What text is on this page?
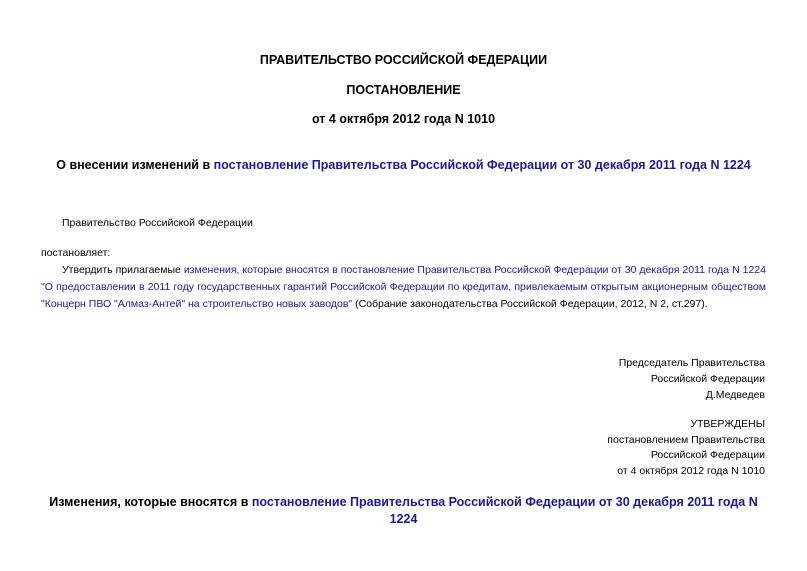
ПРАВИТЕЛЬСТВО РОССИЙСКОЙ ФЕДЕРАЦИИ
ПОСТАНОВЛЕНИЕ
от 4 октября 2012 года N 1010
О внесении изменений в постановление Правительства Российской Федерации от 30 декабря 2011 года N 1224
Правительство Российской Федерации
постановляет:
Утвердить прилагаемые изменения, которые вносятся в постановление Правительства Российской Федерации от 30 декабря 2011 года N 1224 "О предоставлении в 2011 году государственных гарантий Российской Федерации по кредитам, привлекаемым открытым акционерным обществом "Концерн ПВО "Алмаз-Антей" на строительство новых заводов" (Собрание законодательства Российской Федерации, 2012, N 2, ст.297).
Председатель Правительства
Российской Федерации
Д.Медведев
УТВЕРЖДЕНЫ
постановлением Правительства
Российской Федерации
от 4 октября 2012 года N 1010
Изменения, которые вносятся в постановление Правительства Российской Федерации от 30 декабря 2011 года N 1224
